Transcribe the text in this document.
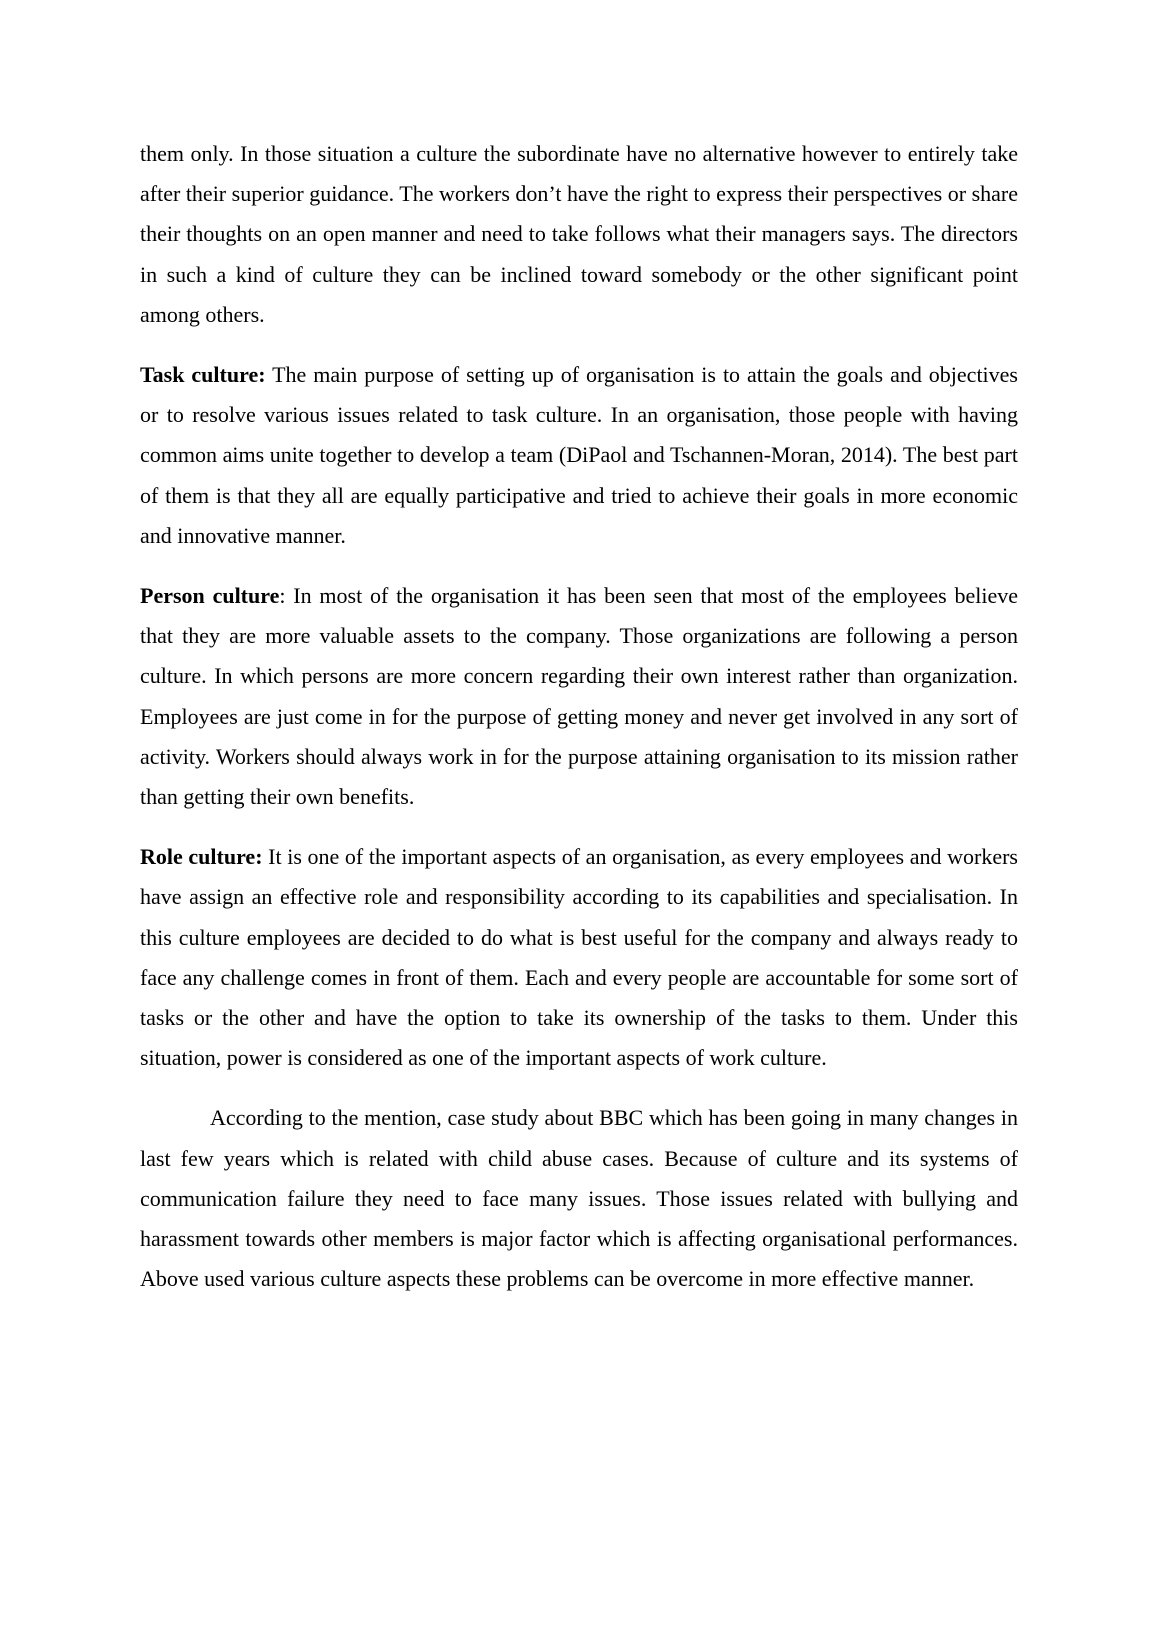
them only. In those situation a culture the subordinate have no alternative however to entirely take after their superior guidance. The workers don’t have the right to express their perspectives or share their thoughts on an open manner and need to take follows what their managers says. The directors in such a kind of culture they can be inclined toward somebody or the other significant point among others.

Task culture: The main purpose of setting up of organisation is to attain the goals and objectives or to resolve various issues related to task culture. In an organisation, those people with having common aims unite together to develop a team (DiPaol and Tschannen-Moran, 2014). The best part of them is that they all are equally participative and tried to achieve their goals in more economic and innovative manner.

Person culture: In most of the organisation it has been seen that most of the employees believe that they are more valuable assets to the company. Those organizations are following a person culture. In which persons are more concern regarding their own interest rather than organization. Employees are just come in for the purpose of getting money and never get involved in any sort of activity. Workers should always work in for the purpose attaining organisation to its mission rather than getting their own benefits.

Role culture: It is one of the important aspects of an organisation, as every employees and workers have assign an effective role and responsibility according to its capabilities and specialisation. In this culture employees are decided to do what is best useful for the company and always ready to face any challenge comes in front of them. Each and every people are accountable for some sort of tasks or the other and have the option to take its ownership of the tasks to them. Under this situation, power is considered as one of the important aspects of work culture.

According to the mention, case study about BBC which has been going in many changes in last few years which is related with child abuse cases. Because of culture and its systems of communication failure they need to face many issues. Those issues related with bullying and harassment towards other members is major factor which is affecting organisational performances. Above used various culture aspects these problems can be overcome in more effective manner.
